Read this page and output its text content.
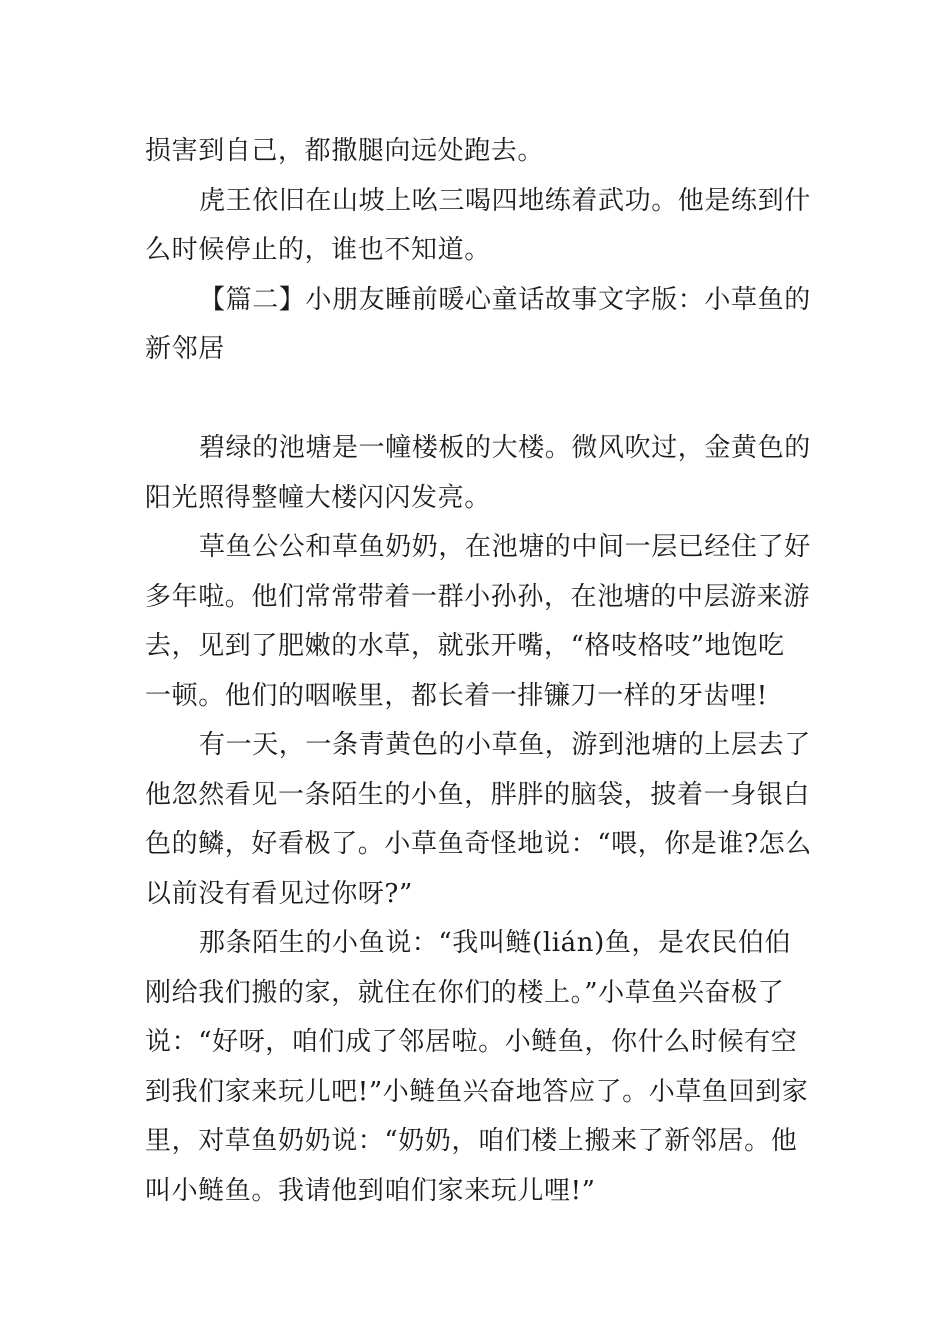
损害到自己，都撒腿向远处跑去。
虎王依旧在山坡上吆三喝四地练着武功。他是练到什
么时候停止的，谁也不知道。
【篇二】小朋友睡前暖心童话故事文字版：小草鱼的
新邻居
碧绿的池塘是一幢楼板的大楼。微风吹过，金黄色的
阳光照得整幢大楼闪闪发亮。
草鱼公公和草鱼奶奶，在池塘的中间一层已经住了好
多年啦。他们常常带着一群小孙孙，在池塘的中层游来游
去，见到了肥嫩的水草，就张开嘴，“格吱格吱”地饱吃
一顿。他们的咽喉里，都长着一排镰刀一样的牙齿哩!
有一天，一条青黄色的小草鱼，游到池塘的上层去了
他忽然看见一条陌生的小鱼，胖胖的脑袋，披着一身银白
色的鳞，好看极了。小草鱼奇怪地说：“喂，你是谁?怎么
以前没有看见过你呀?”
那条陌生的小鱼说：“我叫鲢(lián)鱼，是农民伯伯
刚给我们搬的家，就住在你们的楼上。”小草鱼兴奋极了
说：“好呀，咱们成了邻居啦。小鲢鱼，你什么时候有空
到我们家来玩儿吧!”小鲢鱼兴奋地答应了。小草鱼回到家
里，对草鱼奶奶说：“奶奶，咱们楼上搬来了新邻居。他
叫小鲢鱼。我请他到咱们家来玩儿哩!”
